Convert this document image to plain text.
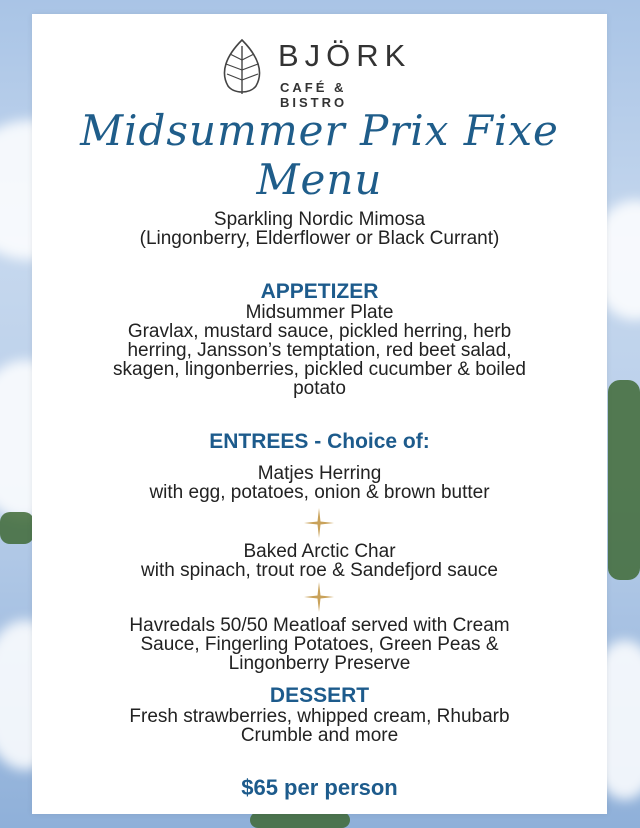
BJÖRK
CAFÉ & BISTRO
Midsummer Prix Fixe Menu
Sparkling Nordic Mimosa
(Lingonberry, Elderflower or Black Currant)
APPETIZER
Midsummer Plate
Gravlax, mustard sauce, pickled herring, herb
herring, Jansson’s temptation, red beet salad,
skagen, lingonberries, pickled cucumber & boiled
potato
ENTREES - Choice of:
Matjes Herring
with egg, potatoes, onion & brown butter
Baked Arctic Char
with spinach, trout roe & Sandefjord sauce
Havredals 50/50 Meatloaf served with Cream
Sauce, Fingerling Potatoes, Green Peas &
Lingonberry Preserve
DESSERT
Fresh strawberries, whipped cream, Rhubarb
Crumble and more
$65 per person
